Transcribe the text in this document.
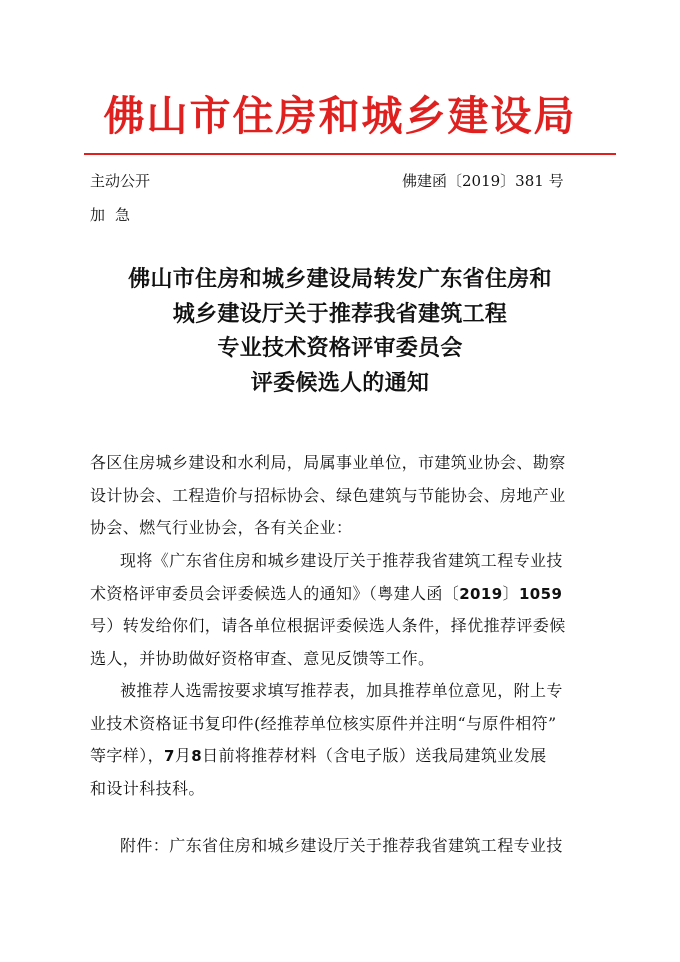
佛山市住房和城乡建设局
主动公开	佛建函〔2019〕381 号
加急
佛山市住房和城乡建设局转发广东省住房和
城乡建设厅关于推荐我省建筑工程
专业技术资格评审委员会
评委候选人的通知
各区住房城乡建设和水利局，局属事业单位，市建筑业协会、勘察
设计协会、工程造价与招标协会、绿色建筑与节能协会、房地产业
协会、燃气行业协会，各有关企业：
现将《广东省住房和城乡建设厅关于推荐我省建筑工程专业技
术资格评审委员会评委候选人的通知》（粤建人函〔2019〕1059
号）转发给你们，请各单位根据评委候选人条件，择优推荐评委候
选人，并协助做好资格审查、意见反馈等工作。
被推荐人选需按要求填写推荐表，加具推荐单位意见，附上专
业技术资格证书复印件(经推荐单位核实原件并注明“与原件相符”
等字样），7月8日前将推荐材料（含电子版）送我局建筑业发展
和设计科技科。
附件：广东省住房和城乡建设厅关于推荐我省建筑工程专业技
